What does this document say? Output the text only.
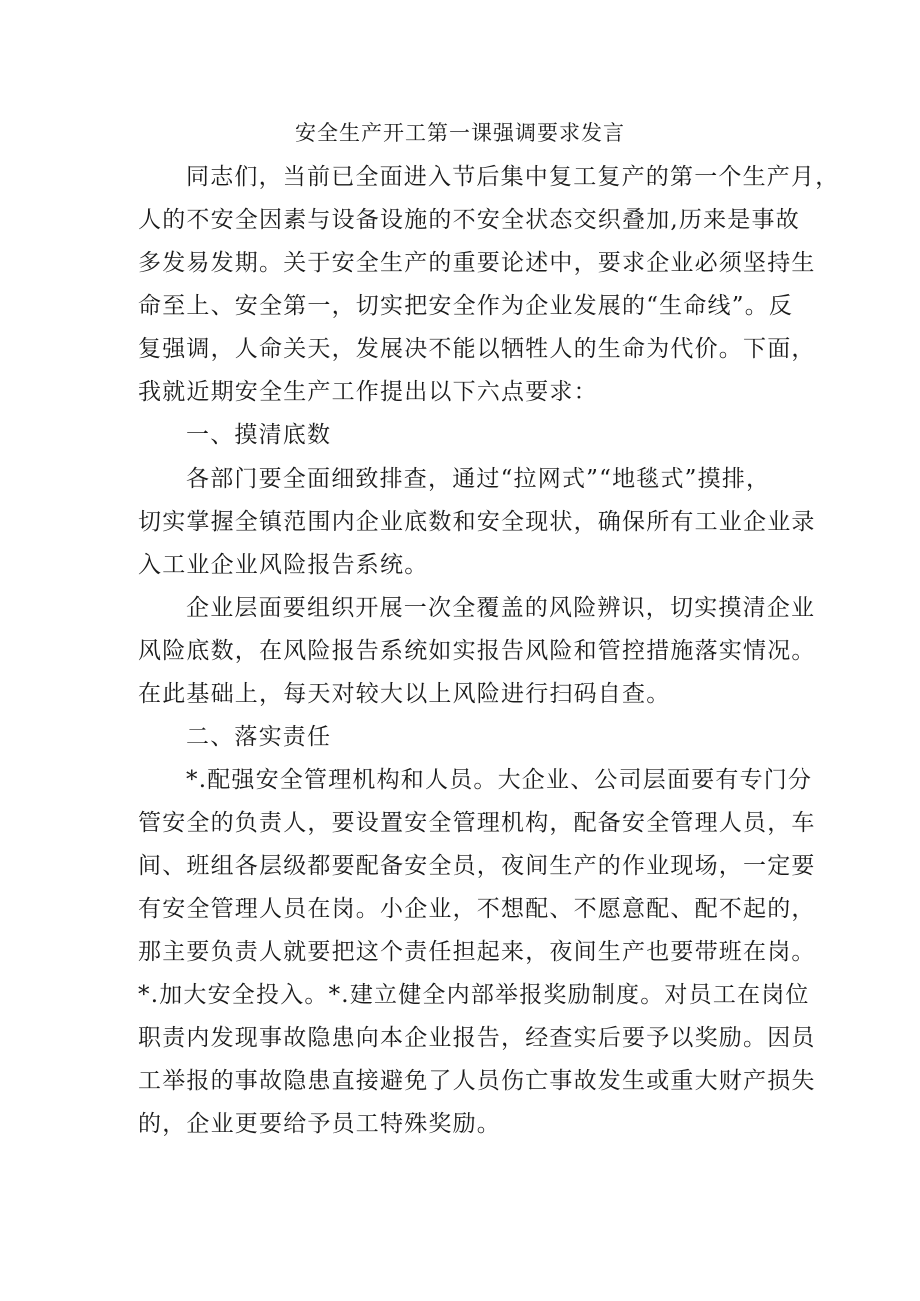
安全生产开工第一课强调要求发言
同志们，当前已全面进入节后集中复工复产的第一个生产月，
人的不安全因素与设备设施的不安全状态交织叠加,历来是事故
多发易发期。关于安全生产的重要论述中，要求企业必须坚持生
命至上、安全第一，切实把安全作为企业发展的“生命线”。反
复强调，人命关天，发展决不能以牺牲人的生命为代价。下面，
我就近期安全生产工作提出以下六点要求：
一、摸清底数
各部门要全面细致排查，通过“拉网式”“地毯式”摸排，
切实掌握全镇范围内企业底数和安全现状，确保所有工业企业录
入工业企业风险报告系统。
企业层面要组织开展一次全覆盖的风险辨识，切实摸清企业
风险底数，在风险报告系统如实报告风险和管控措施落实情况。
在此基础上，每天对较大以上风险进行扫码自查。
二、落实责任
*.配强安全管理机构和人员。大企业、公司层面要有专门分
管安全的负责人，要设置安全管理机构，配备安全管理人员，车
间、班组各层级都要配备安全员，夜间生产的作业现场，一定要
有安全管理人员在岗。小企业，不想配、不愿意配、配不起的，
那主要负责人就要把这个责任担起来，夜间生产也要带班在岗。
*.加大安全投入。*.建立健全内部举报奖励制度。对员工在岗位
职责内发现事故隐患向本企业报告，经查实后要予以奖励。因员
工举报的事故隐患直接避免了人员伤亡事故发生或重大财产损失
的，企业更要给予员工特殊奖励。
